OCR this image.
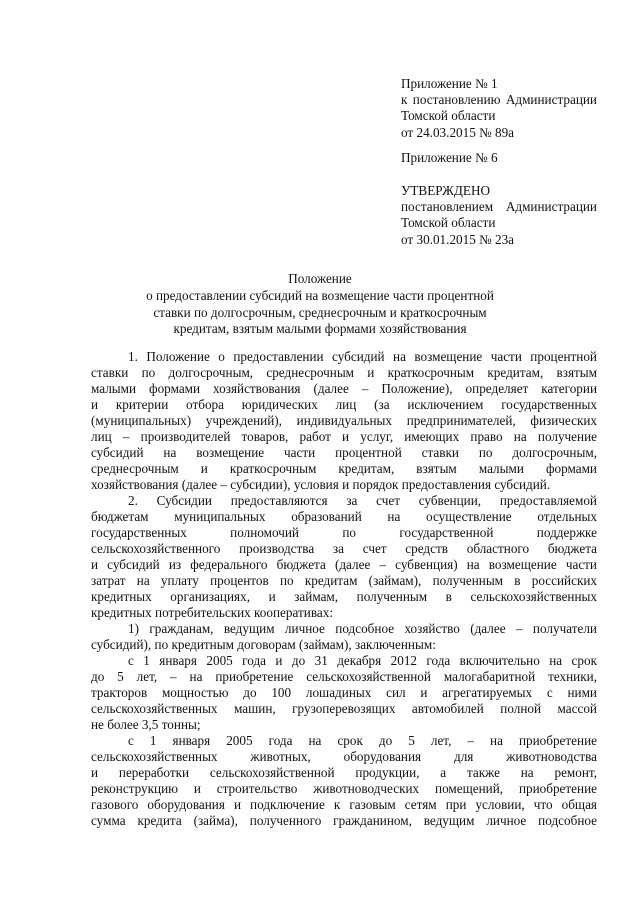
Приложение № 1
к постановлению Администрации
Томской области
от 24.03.2015 № 89а
Приложение № 6
УТВЕРЖДЕНО
постановлением Администрации
Томской области
от 30.01.2015 № 23а
Положение
о предоставлении субсидий на возмещение части процентной
ставки по долгосрочным, среднесрочным и краткосрочным
кредитам, взятым малыми формами хозяйствования
1. Положение о предоставлении субсидий на возмещение части процентной
ставки по долгосрочным, среднесрочным и краткосрочным кредитам, взятым
малыми формами хозяйствования (далее – Положение), определяет категории
и критерии отбора юридических лиц (за исключением государственных
(муниципальных) учреждений), индивидуальных предпринимателей, физических
лиц – производителей товаров, работ и услуг, имеющих право на получение
субсидий на возмещение части процентной ставки по долгосрочным,
среднесрочным и краткосрочным кредитам, взятым малыми формами
хозяйствования (далее – субсидии), условия и порядок предоставления субсидий.
2. Субсидии предоставляются за счет субвенции, предоставляемой
бюджетам муниципальных образований на осуществление отдельных
государственных полномочий по государственной поддержке
сельскохозяйственного производства за счет средств областного бюджета
и субсидий из федерального бюджета (далее – субвенция) на возмещение части
затрат на уплату процентов по кредитам (займам), полученным в российских
кредитных организациях, и займам, полученным в сельскохозяйственных
кредитных потребительских кооперативах:
1) гражданам, ведущим личное подсобное хозяйство (далее – получатели
субсидий), по кредитным договорам (займам), заключенным:
с 1 января 2005 года и до 31 декабря 2012 года включительно на срок
до 5 лет, – на приобретение сельскохозяйственной малогабаритной техники,
тракторов мощностью до 100 лошадиных сил и агрегатируемых с ними
сельскохозяйственных машин, грузоперевозящих автомобилей полной массой
не более 3,5 тонны;
с 1 января 2005 года на срок до 5 лет, – на приобретение
сельскохозяйственных животных, оборудования для животноводства
и переработки сельскохозяйственной продукции, а также на ремонт,
реконструкцию и строительство животноводческих помещений, приобретение
газового оборудования и подключение к газовым сетям при условии, что общая
сумма кредита (займа), полученного гражданином, ведущим личное подсобное
